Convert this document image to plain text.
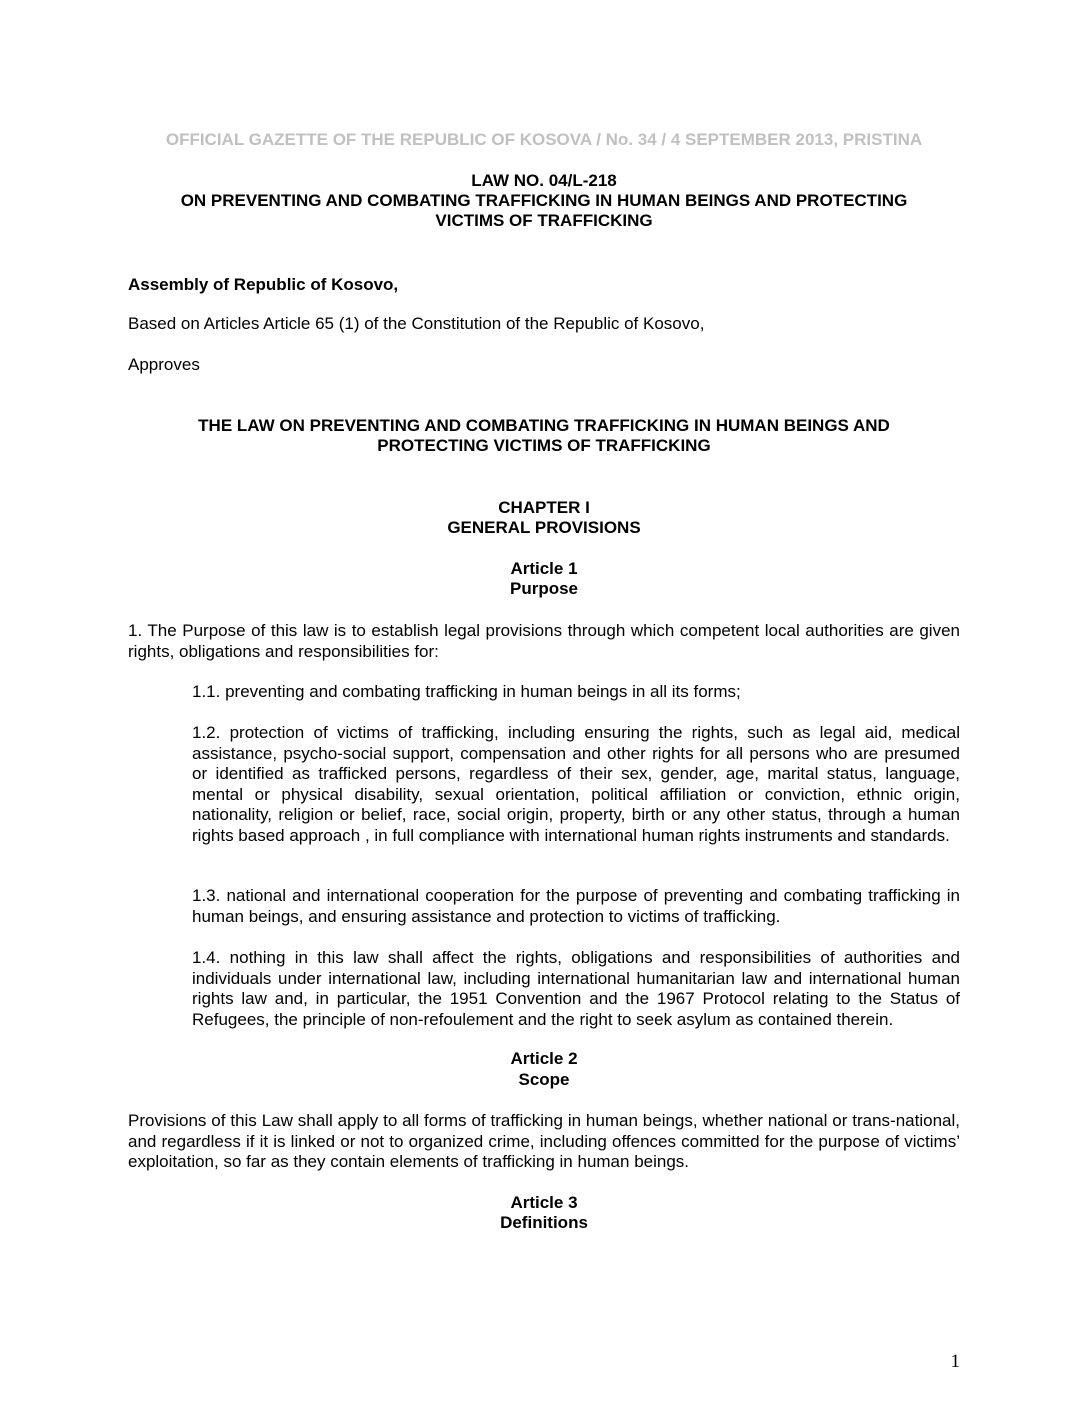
OFFICIAL GAZETTE OF THE REPUBLIC OF KOSOVA / No. 34 / 4 SEPTEMBER 2013, PRISTINA

LAW NO. 04/L-218

ON PREVENTING AND COMBATING TRAFFICKING IN HUMAN BEINGS AND PROTECTING

VICTIMS OF TRAFFICKING

Assembly of Republic of Kosovo,

Based on Articles Article 65 (1) of the Constitution of the Republic of Kosovo,

Approves

THE LAW ON PREVENTING AND COMBATING TRAFFICKING IN HUMAN BEINGS AND

PROTECTING VICTIMS OF TRAFFICKING

CHAPTER I

GENERAL PROVISIONS

Article 1

Purpose

1. The Purpose of this law is to establish legal provisions through which competent local authorities are given rights, obligations and responsibilities for:

1.1. preventing and combating trafficking in human beings in all its forms;

1.2. protection of victims of trafficking, including ensuring the rights, such as legal aid, medical assistance, psycho-social support, compensation and other rights for all persons who are presumed or identified as trafficked persons, regardless of their sex, gender, age, marital status, language, mental or physical disability, sexual orientation, political affiliation or conviction, ethnic origin, nationality, religion or belief, race, social origin, property, birth or any other status, through a human rights based approach , in full compliance with international human rights instruments and standards.

1.3. national and international cooperation for the purpose of preventing and combating trafficking in human beings, and ensuring assistance and protection to victims of trafficking.

1.4. nothing in this law shall affect the rights, obligations and responsibilities of authorities and individuals under international law, including international humanitarian law and international human rights law and, in particular, the 1951 Convention and the 1967 Protocol relating to the Status of Refugees, the principle of non-refoulement and the right to seek asylum as contained therein.

Article 2

Scope

Provisions of this Law shall apply to all forms of trafficking in human beings, whether national or trans-national, and regardless if it is linked or not to organized crime, including offences committed for the purpose of victims’ exploitation, so far as they contain elements of trafficking in human beings.

Article 3

Definitions

1
